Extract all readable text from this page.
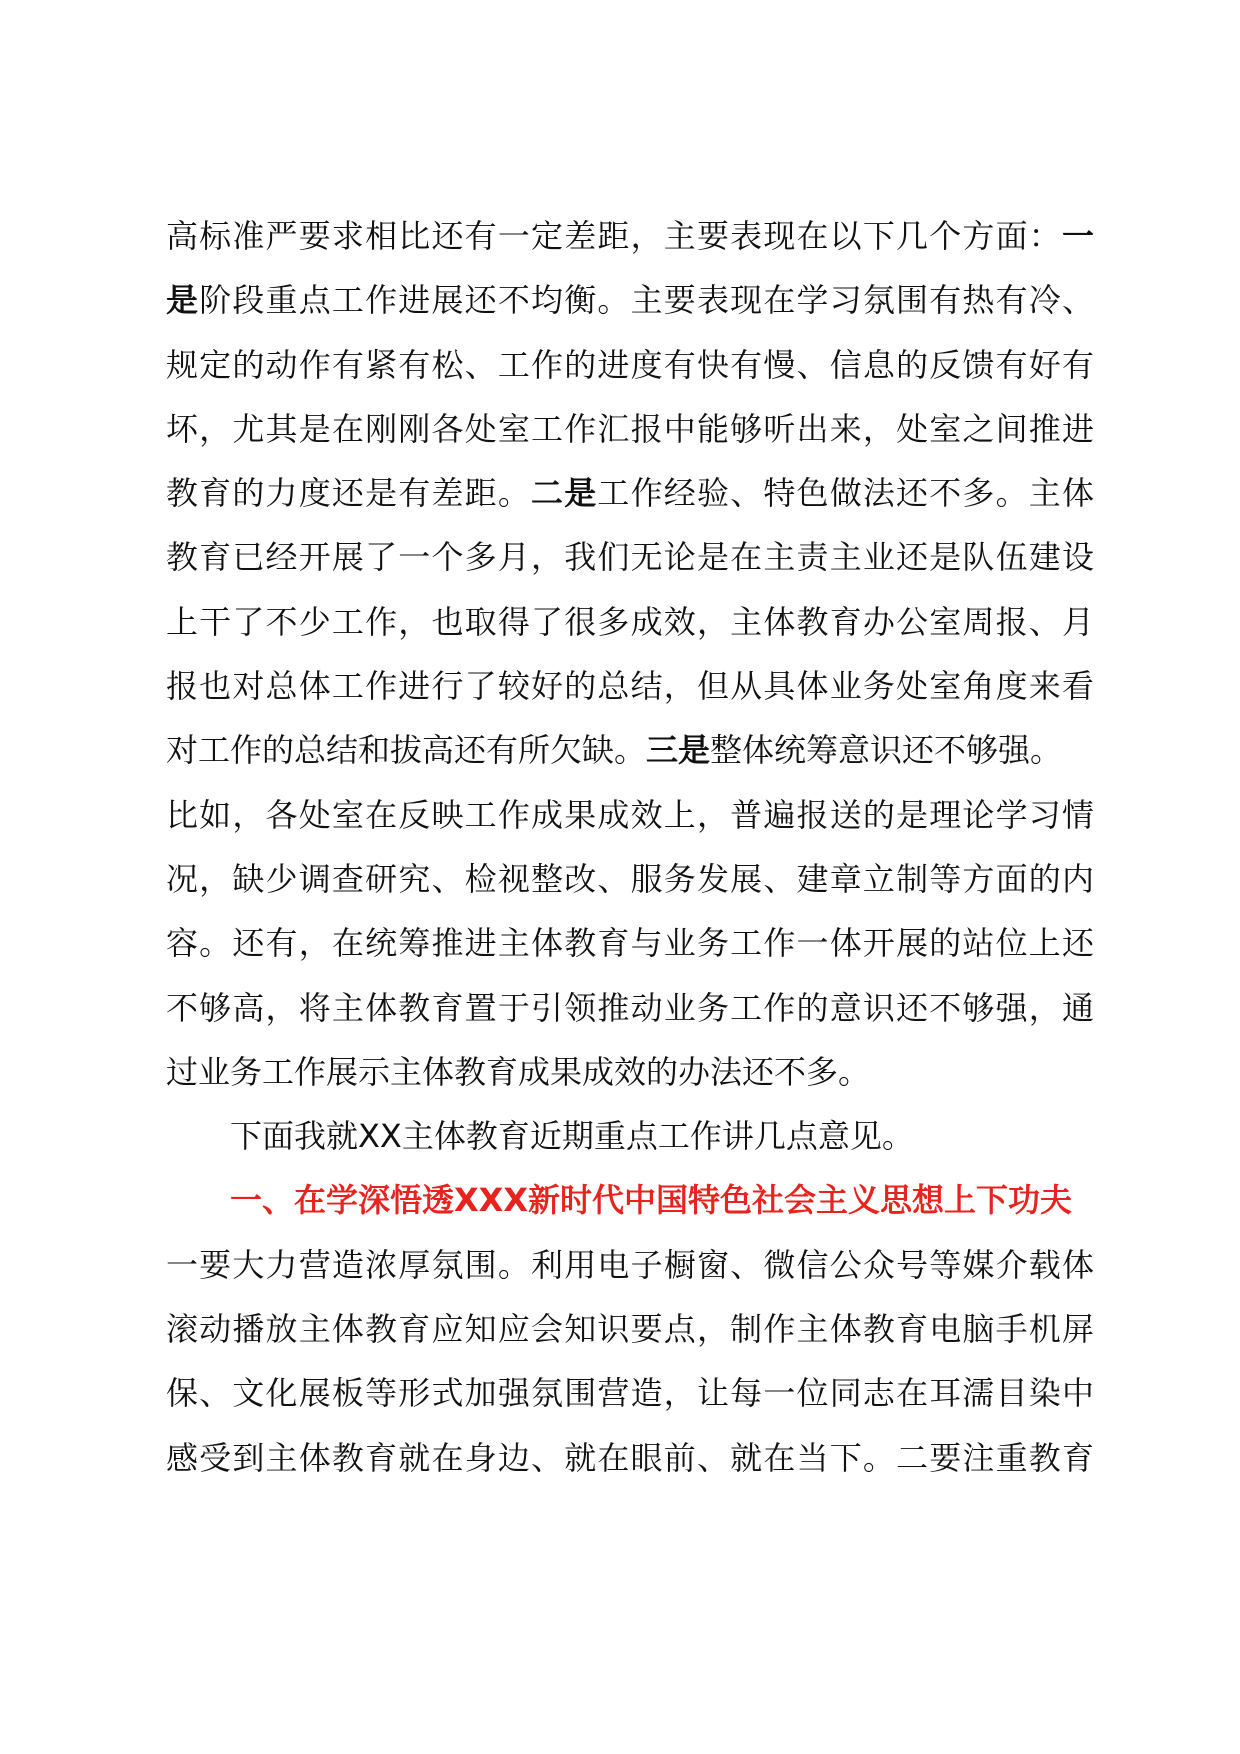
高标准严要求相比还有一定差距，主要表现在以下几个方面：一
是阶段重点工作进展还不均衡。主要表现在学习氛围有热有冷、
规定的动作有紧有松、工作的进度有快有慢、信息的反馈有好有
坏，尤其是在刚刚各处室工作汇报中能够听出来，处室之间推进
教育的力度还是有差距。二是工作经验、特色做法还不多。主体
教育已经开展了一个多月，我们无论是在主责主业还是队伍建设
上干了不少工作，也取得了很多成效，主体教育办公室周报、月
报也对总体工作进行了较好的总结，但从具体业务处室角度来看
对工作的总结和拔高还有所欠缺。三是整体统筹意识还不够强。
比如，各处室在反映工作成果成效上，普遍报送的是理论学习情
况，缺少调查研究、检视整改、服务发展、建章立制等方面的内
容。还有，在统筹推进主体教育与业务工作一体开展的站位上还
不够高，将主体教育置于引领推动业务工作的意识还不够强，通
过业务工作展示主体教育成果成效的办法还不多。
下面我就XX主体教育近期重点工作讲几点意见。
一、在学深悟透XXX新时代中国特色社会主义思想上下功夫
一要大力营造浓厚氛围。利用电子橱窗、微信公众号等媒介载体
滚动播放主体教育应知应会知识要点，制作主体教育电脑手机屏
保、文化展板等形式加强氛围营造，让每一位同志在耳濡目染中
感受到主体教育就在身边、就在眼前、就在当下。二要注重教育
